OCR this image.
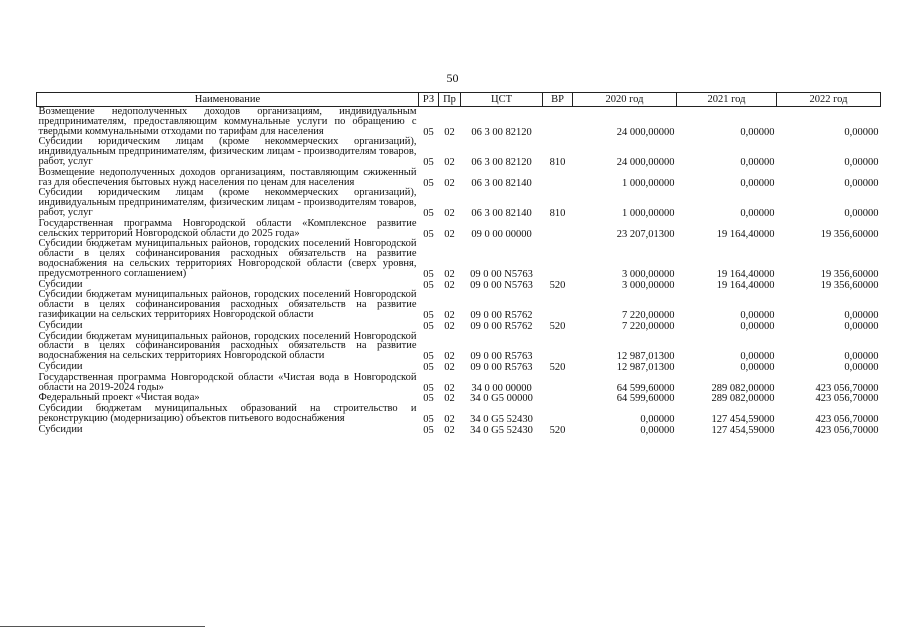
50
Наименование	РЗ	Пр	ЦСТ	ВР	2020 год	2021 год	2022 год
Возмещение недополученных доходов организациям, индивидуальным предпринимателям, предоставляющим коммунальные услуги по обращению с твердыми коммунальными отходами по тарифам для населения	05	02	06 3 00 82120		24 000,00000	0,00000	0,00000
Субсидии юридическим лицам (кроме некоммерческих организаций), индивидуальным предпринимателям, физическим лицам - производителям товаров, работ, услуг	05	02	06 3 00 82120	810	24 000,00000	0,00000	0,00000
Возмещение недополученных доходов организациям, поставляющим сжиженный газ для обеспечения бытовых нужд населения по ценам для населения	05	02	06 3 00 82140		1 000,00000	0,00000	0,00000
Субсидии юридическим лицам (кроме некоммерческих организаций), индивидуальным предпринимателям, физическим лицам - производителям товаров, работ, услуг	05	02	06 3 00 82140	810	1 000,00000	0,00000	0,00000
Государственная программа Новгородской области «Комплексное развитие сельских территорий Новгородской области до 2025 года»	05	02	09 0 00 00000		23 207,01300	19 164,40000	19 356,60000
Субсидии бюджетам муниципальных районов, городских поселений Новгородской области в целях софинансирования расходных обязательств на развитие водоснабжения на сельских территориях Новгородской области (сверх уровня, предусмотренного соглашением)	05	02	09 0 00 N5763		3 000,00000	19 164,40000	19 356,60000
Субсидии	05	02	09 0 00 N5763	520	3 000,00000	19 164,40000	19 356,60000
Субсидии бюджетам муниципальных районов, городских поселений Новгородской области в целях софинансирования расходных обязательств на развитие газификации на сельских территориях Новгородской области	05	02	09 0 00 R5762		7 220,00000	0,00000	0,00000
Субсидии	05	02	09 0 00 R5762	520	7 220,00000	0,00000	0,00000
Субсидии бюджетам муниципальных районов, городских поселений Новгородской области в целях софинансирования расходных обязательств на развитие водоснабжения на сельских территориях Новгородской области	05	02	09 0 00 R5763		12 987,01300	0,00000	0,00000
Субсидии	05	02	09 0 00 R5763	520	12 987,01300	0,00000	0,00000
Государственная программа Новгородской области «Чистая вода в Новгородской области на 2019-2024 годы»	05	02	34 0 00 00000		64 599,60000	289 082,00000	423 056,70000
Федеральный проект «Чистая вода»	05	02	34 0 G5 00000		64 599,60000	289 082,00000	423 056,70000
Субсидии бюджетам муниципальных образований на строительство и реконструкцию (модернизацию) объектов питьевого водоснабжения	05	02	34 0 G5 52430		0,00000	127 454,59000	423 056,70000
Субсидии	05	02	34 0 G5 52430	520	0,00000	127 454,59000	423 056,70000
